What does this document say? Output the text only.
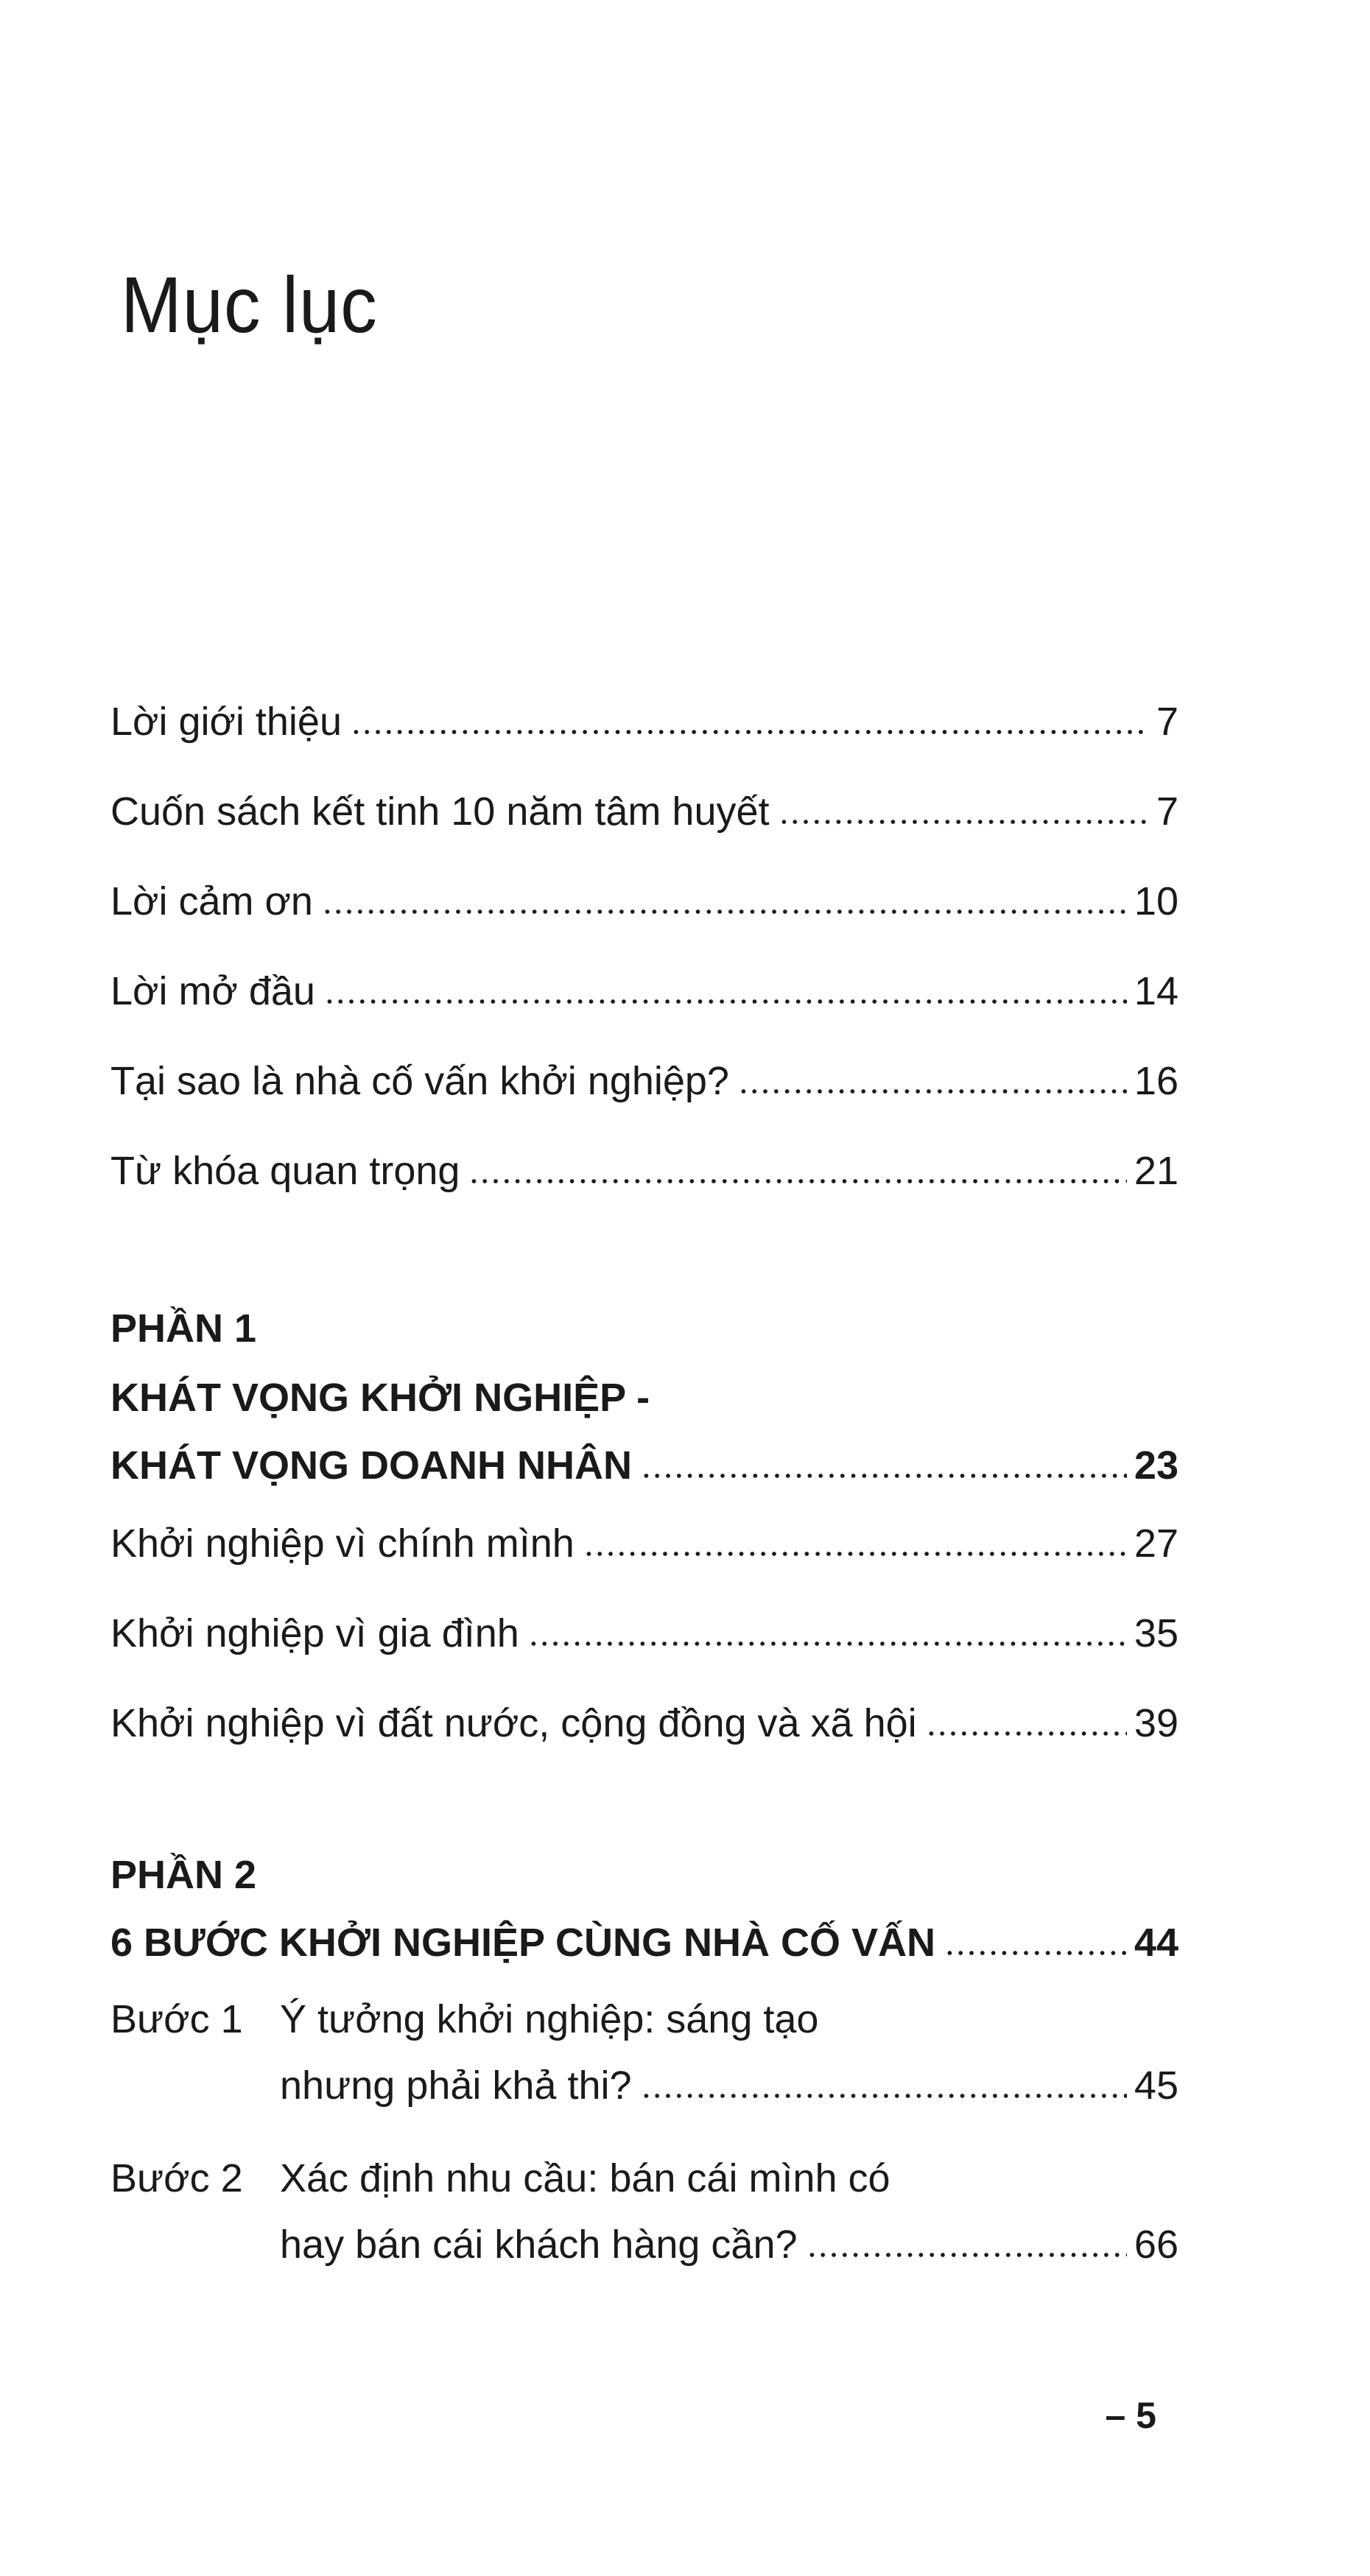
Mục lục
Lời giới thiệu	7
Cuốn sách kết tinh 10 năm tâm huyết	7
Lời cảm ơn	10
Lời mở đầu	14
Tại sao là nhà cố vấn khởi nghiệp?	16
Từ khóa quan trọng	21
PHẦN 1
KHÁT VỌNG KHỞI NGHIỆP -
KHÁT VỌNG DOANH NHÂN	23
Khởi nghiệp vì chính mình	27
Khởi nghiệp vì gia đình	35
Khởi nghiệp vì đất nước, cộng đồng và xã hội	39
PHẦN 2
6 BƯỚC KHỞI NGHIỆP CÙNG NHÀ CỐ VẤN	44
Bước 1 Ý tưởng khởi nghiệp: sáng tạo
nhưng phải khả thi?	45
Bước 2 Xác định nhu cầu: bán cái mình có
hay bán cái khách hàng cần?	66
– 5
